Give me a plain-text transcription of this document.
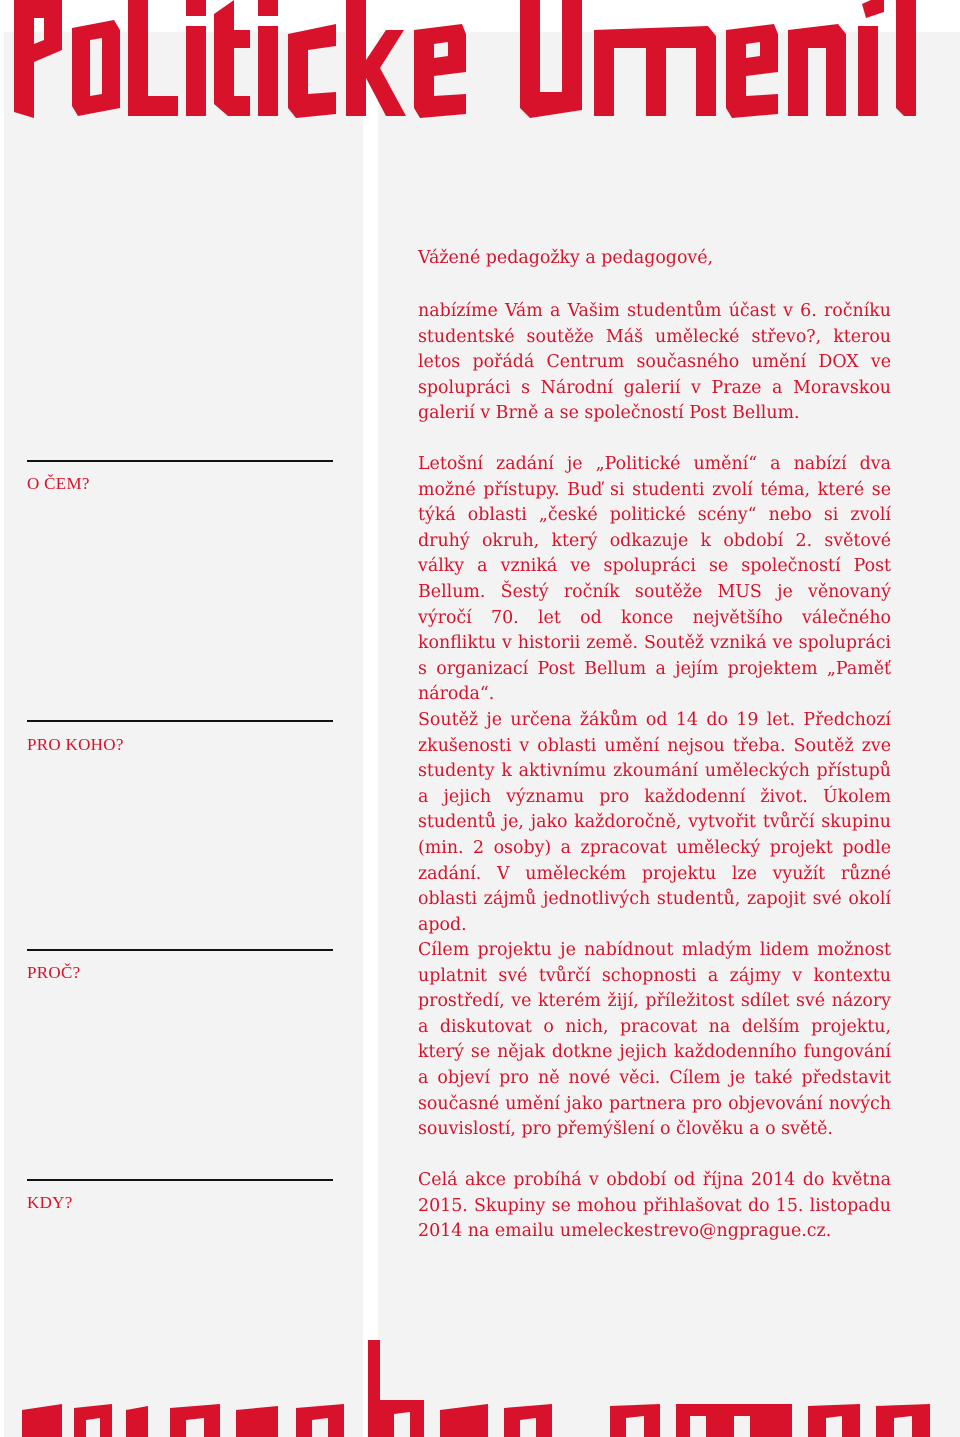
Vážené pedagožky a pedagogové,
nabízíme Vám a Vašim studentům účast v 6. ročníku studentské soutěže Máš umělecké střevo?, kterou letos pořádá Centrum současného umění DOX ve spolupráci s Národní galerií v Praze a Moravskou galerií v Brně a se společností Post Bellum.
O ČEM?
Letošní zadání je „Politické umění“ a nabízí dva možné přístupy. Buď si studenti zvolí téma, které se týká oblasti „české politické scény“ nebo si zvolí druhý okruh, který odkazuje k období 2. světové války a vzniká ve spolupráci se společností Post Bellum. Šestý ročník soutěže MUS je věnovaný výročí 70. let od konce největšího válečného konfliktu v historii země. Soutěž vzniká ve spolupráci s organizací Post Bellum a jejím projektem „Paměť národa“.
PRO KOHO?
Soutěž je určena žákům od 14 do 19 let. Předchozí zkušenosti v oblasti umění nejsou třeba. Soutěž zve studenty k aktivnímu zkoumání uměleckých přístupů a jejich významu pro každodenní život. Úkolem studentů je, jako každoročně, vytvořit tvůrčí skupinu (min. 2 osoby) a zpracovat umělecký projekt podle zadání. V uměleckém projektu lze využít různé oblasti zájmů jednotlivých studentů, zapojit své okolí apod.
PROČ?
Cílem projektu je nabídnout mladým lidem možnost uplatnit své tvůrčí schopnosti a zájmy v kontextu prostředí, ve kterém žijí, příležitost sdílet své názory a diskutovat o nich, pracovat na delším projektu, který se nějak dotkne jejich každodenního fungování a objeví pro ně nové věci. Cílem je také představit současné umění jako partnera pro objevování nových souvislostí, pro přemýšlení o člověku a o světě.
KDY?
Celá akce probíhá v období od října 2014 do května 2015. Skupiny se mohou přihlašovat do 15. listopadu 2014 na emailu umeleckestrevo@ngprague.cz.
